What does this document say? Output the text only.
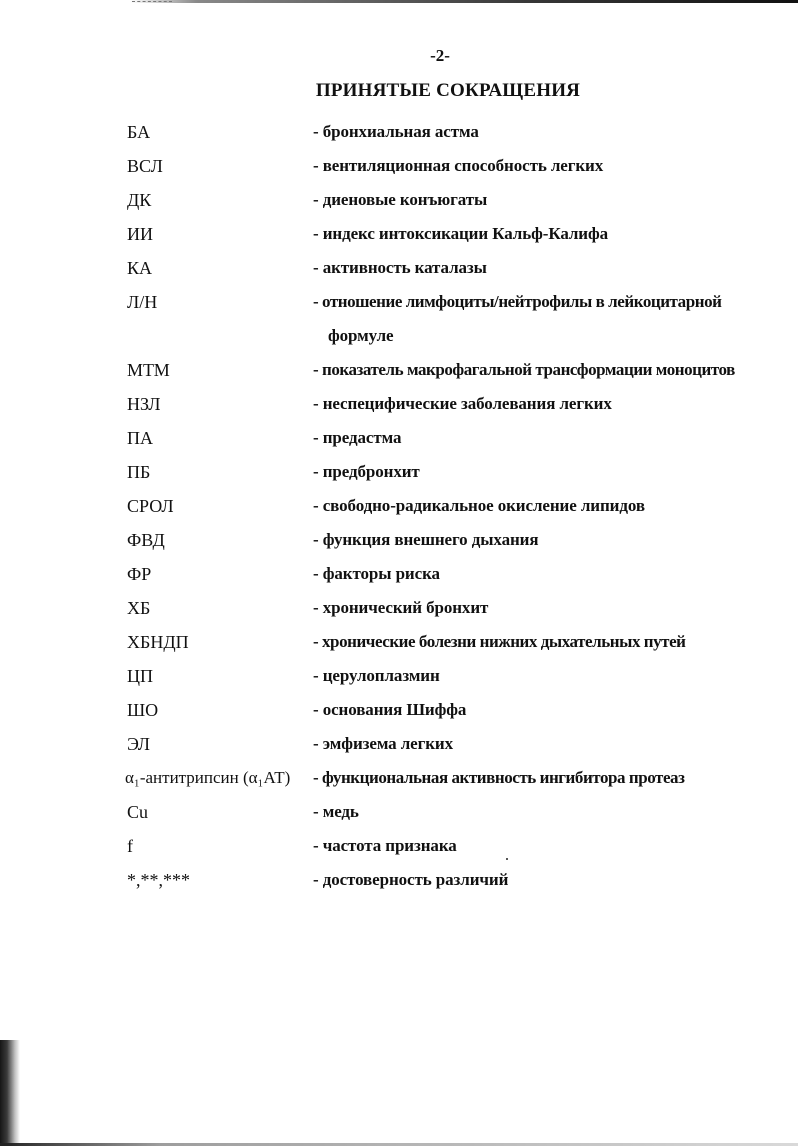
-2-
ПРИНЯТЫЕ СОКРАЩЕНИЯ
БА	- бронхиальная астма
ВСЛ	- вентиляционная способность легких
ДК	- диеновые конъюгаты
ИИ	- индекс интоксикации Кальф-Калифа
КА	- активность каталазы
Л/Н	- отношение лимфоциты/нейтрофилы в лейкоцитарной
формуле
МТМ	- показатель макрофагальной трансформации моноцитов
НЗЛ	- неспецифические заболевания легких
ПА	- предастма
ПБ	- предбронхит
СРОЛ	- свободно-радикальное окисление липидов
ФВД	- функция внешнего дыхания
ФР	- факторы риска
ХБ	- хронический бронхит
ХБНДП	- хронические болезни нижних дыхательных путей
ЦП	- церулоплазмин
ШО	- основания Шиффа
ЭЛ	- эмфизема легких
α₁-антитрипсин (α₁АТ) - функциональная активность ингибитора протеаз
Cu	- медь
f	- частота признака
*,**,***	- достоверность различий
